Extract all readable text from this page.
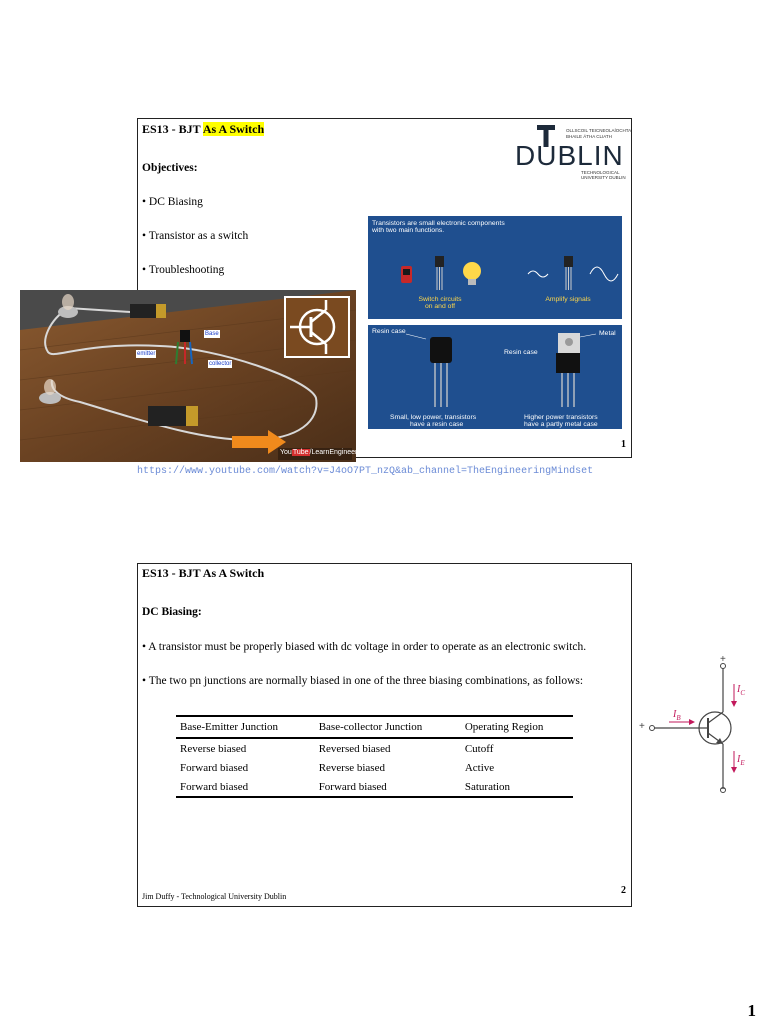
ES13 - BJT As A Switch
Objectives:
• DC Biasing
• Transistor as a switch
• Troubleshooting
OLLSCOIL TEICNEOLAÍOCHTA
BHAILE ÁTHA CLIATH
DUBLIN
TECHNOLOGICAL
UNIVERSITY DUBLIN
Transistors are small electronic components
with two main functions.
Switch circuits
on and off
Amplify signals
Resin case
Resin case
Metal
Small, low power, transistors
have a resin case
Higher power transistors
have a partly metal case
1
Base
emitter
collector
YouTube/LearnEngineering
https://www.youtube.com/watch?v=J4oO7PT_nzQ&ab_channel=TheEngineeringMindset
ES13 - BJT As A Switch
DC Biasing:
• A transistor must be properly biased with dc voltage in order to operate as an electronic switch.
• The two pn junctions are normally biased in one of the three biasing combinations, as follows:
Base-Emitter Junction	Base-collector Junction	Operating Region
Reverse biased	Reversed biased	Cutoff
Forward biased	Reverse biased	Active
Forward biased	Forward biased	Saturation
Jim Duffy - Technological University Dublin
2
+
−
+
$I_C$
$I_B$
$I_E$
1
